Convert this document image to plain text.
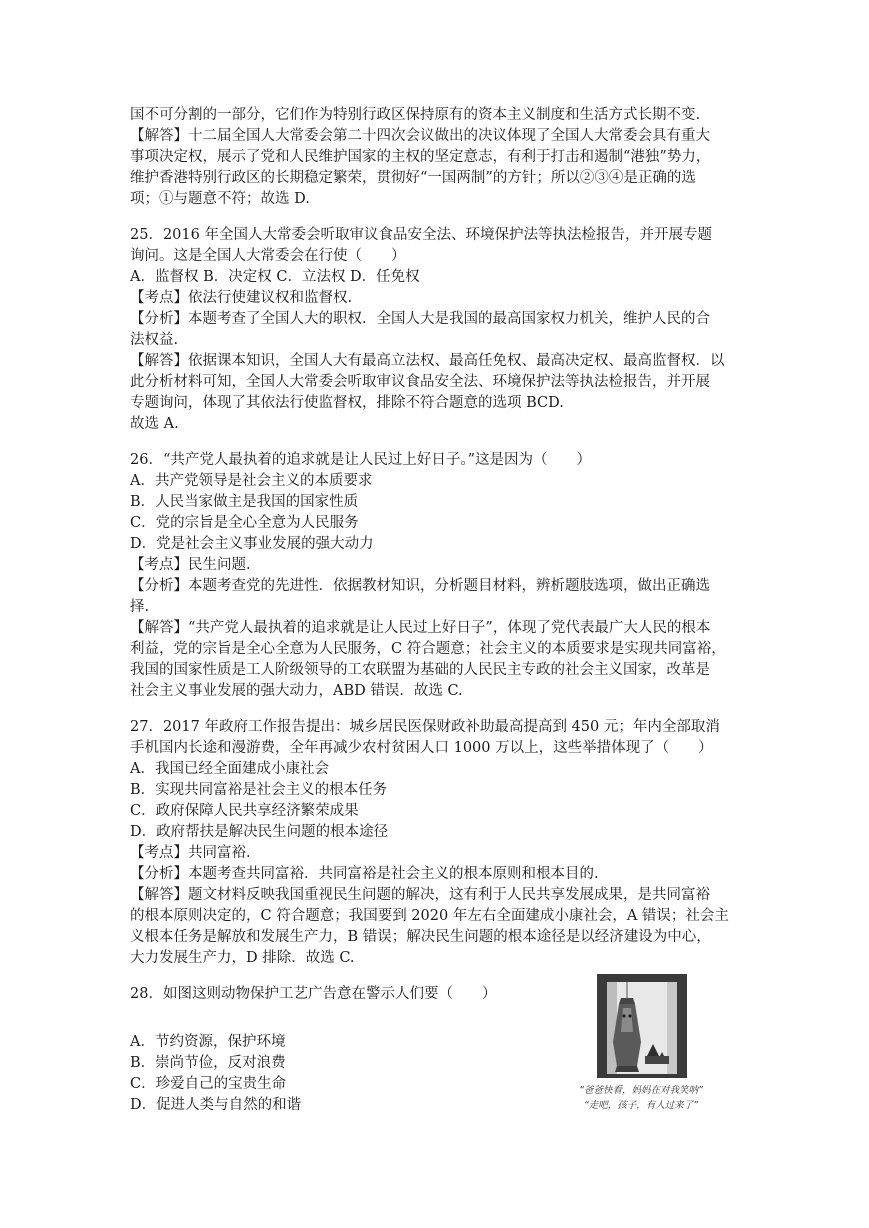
国不可分割的一部分，它们作为特别行政区保持原有的资本主义制度和生活方式长期不变.
【解答】十二届全国人大常委会第二十四次会议做出的决议体现了全国人大常委会具有重大
事项决定权，展示了党和人民维护国家的主权的坚定意志，有利于打击和遏制“港独”势力，
维护香港特别行政区的长期稳定繁荣，贯彻好“一国两制”的方针；所以②③④是正确的选
项；①与题意不符；故选 D.
25．2016 年全国人大常委会听取审议食品安全法、环境保护法等执法检报告，并开展专题
询问。这是全国人大常委会在行使（　　）
A．监督权 B．决定权 C．立法权 D．任免权
【考点】依法行使建议权和监督权.
【分析】本题考查了全国人大的职权．全国人大是我国的最高国家权力机关，维护人民的合
法权益.
【解答】依据课本知识，全国人大有最高立法权、最高任免权、最高决定权、最高监督权．以
此分析材料可知，全国人大常委会听取审议食品安全法、环境保护法等执法检报告，并开展
专题询问，体现了其依法行使监督权，排除不符合题意的选项 BCD.
故选 A.
26．“共产党人最执着的追求就是让人民过上好日子。”这是因为（　　）
A．共产党领导是社会主义的本质要求
B．人民当家做主是我国的国家性质
C．党的宗旨是全心全意为人民服务
D．党是社会主义事业发展的强大动力
【考点】民生问题.
【分析】本题考查党的先进性．依据教材知识，分析题目材料，辨析题肢选项，做出正确选
择.
【解答】“共产党人最执着的追求就是让人民过上好日子”，体现了党代表最广大人民的根本
利益，党的宗旨是全心全意为人民服务，C 符合题意；社会主义的本质要求是实现共同富裕，
我国的国家性质是工人阶级领导的工农联盟为基础的人民民主专政的社会主义国家，改革是
社会主义事业发展的强大动力，ABD 错误．故选 C.
27．2017 年政府工作报告提出：城乡居民医保财政补助最高提高到 450 元；年内全部取消
手机国内长途和漫游费，全年再减少农村贫困人口 1000 万以上，这些举措体现了（　　）
A．我国已经全面建成小康社会
B．实现共同富裕是社会主义的根本任务
C．政府保障人民共享经济繁荣成果
D．政府帮扶是解决民生问题的根本途径
【考点】共同富裕.
【分析】本题考查共同富裕．共同富裕是社会主义的根本原则和根本目的.
【解答】题文材料反映我国重视民生问题的解决，这有利于人民共享发展成果，是共同富裕
的根本原则决定的，C 符合题意；我国要到 2020 年左右全面建成小康社会，A 错误；社会主
义根本任务是解放和发展生产力，B 错误；解决民生问题的根本途径是以经济建设为中心，
大力发展生产力，D 排除．故选 C.
28．如图这则动物保护工艺广告意在警示人们要（　　）
A．节约资源，保护环境
B．崇尚节俭，反对浪费
C．珍爱自己的宝贵生命
D．促进人类与自然的和谐
“爸爸快看，妈妈在对我笑呐”
“走吧，孩子，有人过来了”
